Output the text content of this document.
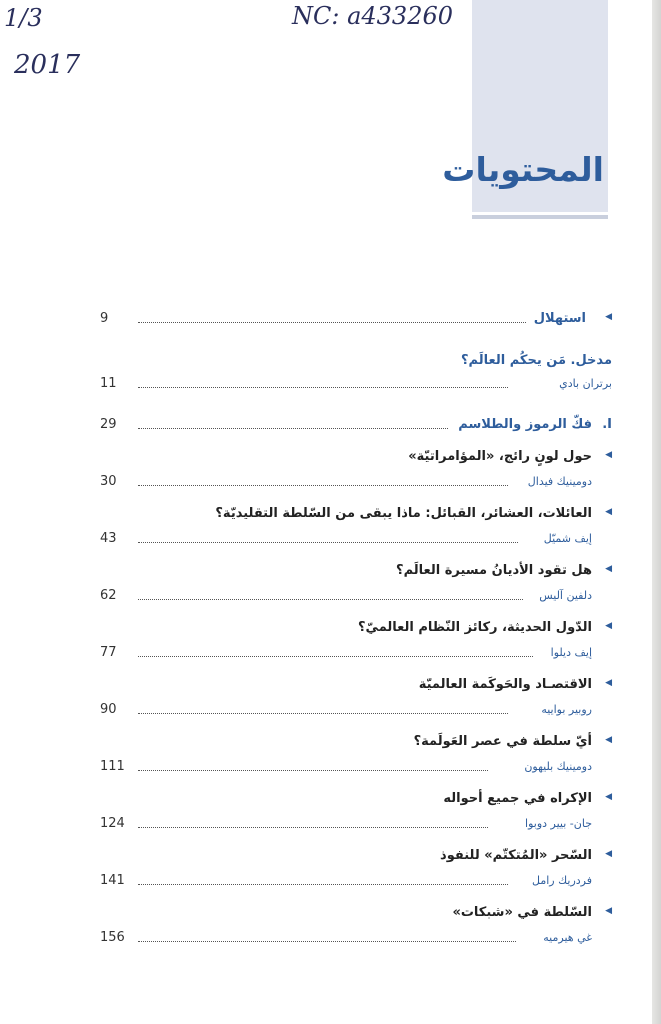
1/3	NC: a433260
2017
المحتويات
◀
استهلال
9
مدخل. مَن يحكُم العالَم؟
برتران بادي
11
I.
فكّ الرموز والطلاسم
29
◀
حول لونٍ رائج، «المؤامراتيّة»
دومينيك فيدال
30
◀
العائلات، العشائر، القبائل: ماذا يبقى من السّلطة التقليديّة؟
إيف شميّل
43
◀
هل تقود الأديانُ مسيرة العالَم؟
دلفين آليس
62
◀
الدّول الحديثة، ركائز النّظام العالميّ؟
إيف ديلوا
77
◀
الاقتصـاد والحَوكَمة العالميّة
روبير بواييه
90
◀
أيّ سلطة في عصر العَولَمة؟
دومينيك بليهون
111
◀
الإكراه في جميع أحواله
جان- بيير دوبوا
124
◀
السّحر «المُتكتّم» للنفوذ
فردريك رامل
141
◀
السّلطة في «شبكات»
غي هيرميه
156
